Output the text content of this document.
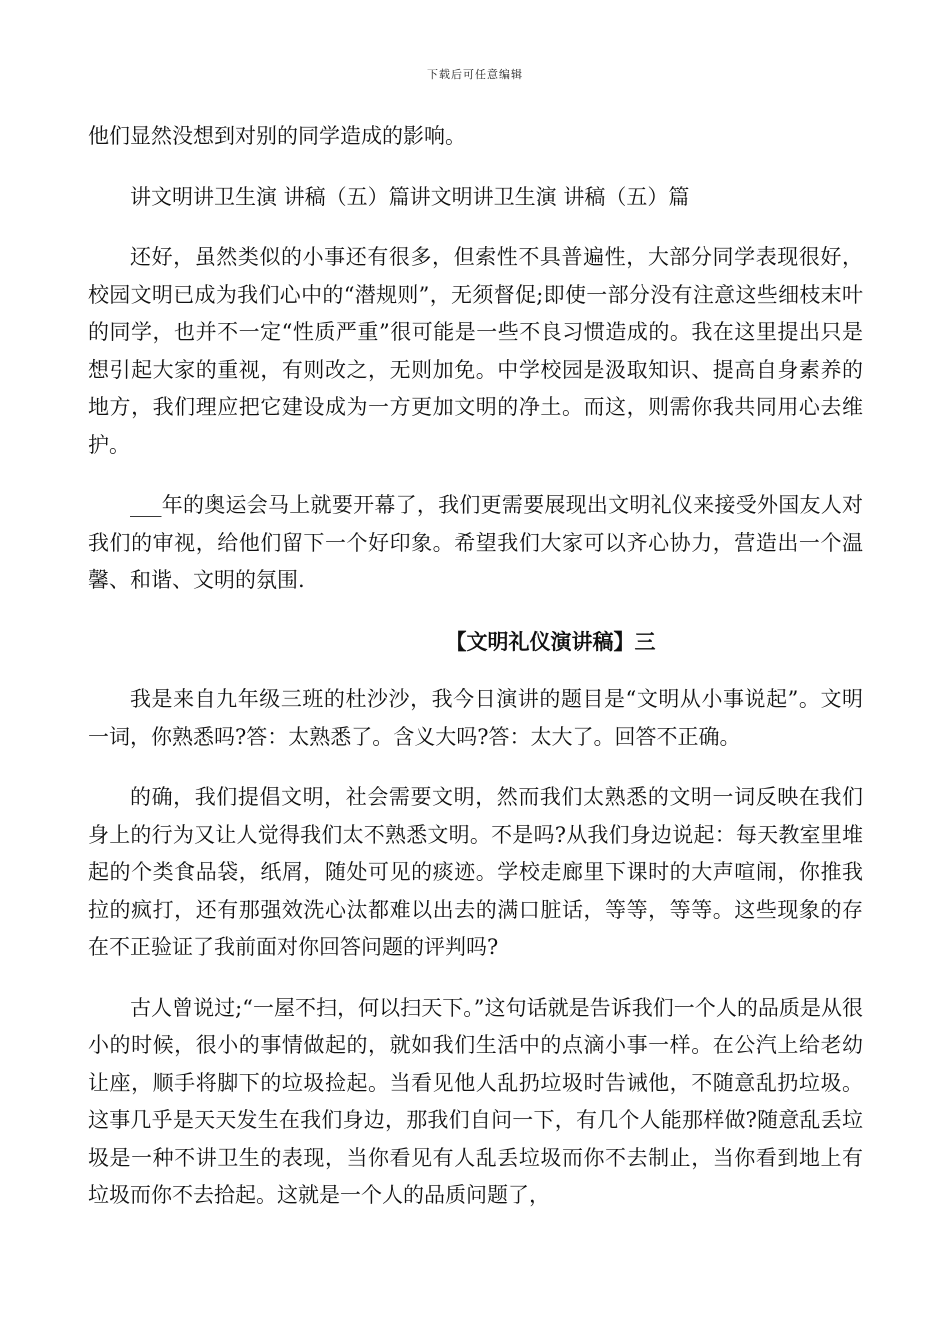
下载后可任意编辑

他们显然没想到对别的同学造成的影响。

讲文明讲卫生演 讲稿（五）篇讲文明讲卫生演 讲稿（五）篇

还好，虽然类似的小事还有很多，但索性不具普遍性，大部分同学表现很好，校园文明已成为我们心中的“潜规则”，无须督促;即使一部分没有注意这些细枝末叶的同学，也并不一定“性质严重”很可能是一些不良习惯造成的。我在这里提出只是想引起大家的重视，有则改之，无则加免。中学校园是汲取知识、提高自身素养的地方，我们理应把它建设成为一方更加文明的净土。而这，则需你我共同用心去维护。

___年的奥运会马上就要开幕了，我们更需要展现出文明礼仪来接受外国友人对我们的审视，给他们留下一个好印象。希望我们大家可以齐心协力，营造出一个温馨、和谐、文明的氛围.

【文明礼仪演讲稿】三

我是来自九年级三班的杜沙沙，我今日演讲的题目是“文明从小事说起”。文明一词，你熟悉吗?答：太熟悉了。含义大吗?答：太大了。回答不正确。

的确，我们提倡文明，社会需要文明，然而我们太熟悉的文明一词反映在我们身上的行为又让人觉得我们太不熟悉文明。不是吗?从我们身边说起：每天教室里堆起的个类食品袋，纸屑，随处可见的痰迹。学校走廊里下课时的大声喧闹，你推我拉的疯打，还有那强效洗心汰都难以出去的满口脏话，等等，等等。这些现象的存在不正验证了我前面对你回答问题的评判吗?

古人曾说过;“一屋不扫，何以扫天下。”这句话就是告诉我们一个人的品质是从很小的时候，很小的事情做起的，就如我们生活中的点滴小事一样。在公汽上给老幼让座，顺手将脚下的垃圾捡起。当看见他人乱扔垃圾时告诫他，不随意乱扔垃圾。这事几乎是天天发生在我们身边，那我们自问一下，有几个人能那样做?随意乱丢垃圾是一种不讲卫生的表现，当你看见有人乱丢垃圾而你不去制止，当你看到地上有垃圾而你不去拾起。这就是一个人的品质问题了，
